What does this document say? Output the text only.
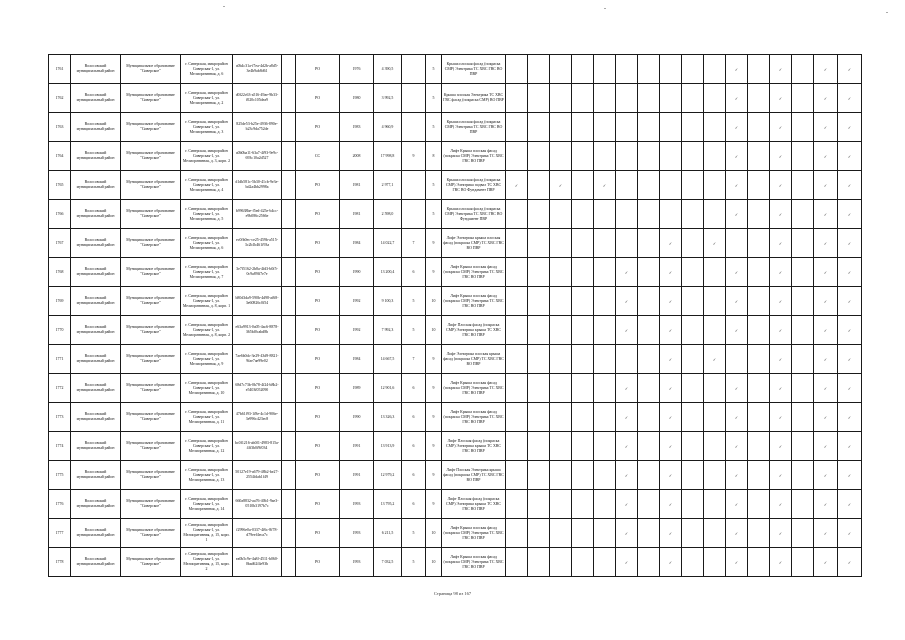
1761	Волосовский муниципальный район	Муниципальное образование "Сиверское"	г. Сиверская, микрорайон Сиверская-1, ул. Мелиоративная, д. 6	a0b4c31a-f7ea-4d2b-a8d5-3e4b9ab8d61		РО	1976	4 390,5		5	Крыша плоская фасад (покраска СМР) Электрика ТС ХВС ГВС ВО ПВР											✓		✓		✓	✓	
1762	Волосовский муниципальный район	Муниципальное образование "Сиверское"	г. Сиверская, микрорайон Сиверская-1, ул. Мелиоративная, д. 2	d0f22c63-a516-49ae-9b33-f020c105dea9		РО	1980	3 992,5		5	Крыша плоская Электрика ТС ХВС ГВС фасад (покраска СМР) ВО ПВР											✓		✓		✓	✓	
1763	Волосовский муниципальный район	Муниципальное образование "Сиверское"	г. Сиверская, микрорайон Сиверская-1, ул. Мелиоративная, д. 3	825de53-b25e-4936-890e-b23c9da752de		РО	1983	4 960,9		5	Крыша плоская фасад (покраска СМР) Электрика ТС ХВС ГВС ВО ПВР											✓		✓		✓	✓	
1764	Волосовский муниципальный район	Муниципальное образование "Сиверское"	г. Сиверская, микрорайон Сиверская-1, ул. Мелиоративная, д. 3, корп. 2	a0b0ba11-63a7-4f93-9e9c-693c10a2d527		СС	2008	17 998,8	9	8	Лифт Крыша плоская фасад (покраска СМР) Электрика ТС ХВС ГВС ВО ПВР											✓		✓		✓	✓	
1765	Волосовский муниципальный район	Муниципальное образование "Сиверское"	г. Сиверская, микрорайон Сиверская-1, ул. Мелиоративная, д. 4	d1db581c-5b30-41cb-9e3e-bd2a4bb2998a		РО	1981	2 977,1		5	Крыша плоская фасад (покраска СМР) Электрика подвал ТС ХВС ГВС ВО Фундамент ПВР	✓		✓		✓						✓		✓		✓	✓	
1766	Волосовский муниципальный район	Муниципальное образование "Сиверское"	г. Сиверская, микрорайон Сиверская-1, ул. Мелиоративная, д. 5	b99638be-f5ed-425e-b4cc-e9b086c2566e		РО	1981	2 598,0		5	Крыша плоская фасад (покраска СМР) Электрика ТС ХВС ГВС ВО Фундамент ПВР											✓		✓		✓	✓	
1767	Волосовский муниципальный район	Муниципальное образование "Сиверское"	г. Сиверская, микрорайон Сиверская-1, ул. Мелиоративная, д. 6	ec0fb0ec-ce25-459b-a515-3c2b1b461f93a		РО	1984	14 022,7	7	9	Лифт Электрика крыша плоская фасад (покраска СМР) ТС ХВС ГВС ВО ПВР								✓		✓			✓		✓	✓	
1768	Волосовский муниципальный район	Муниципальное образование "Сиверское"	г. Сиверская, микрорайон Сиверская-1, ул. Мелиоративная, д. 7	3e7f5162-2b8a-4fd3-b0f5-0c9a89ff7e7e		РО	1990	13 200,4	6	9	Лифт Крыша плоская фасад (покраска СМР) Электрика ТС ХВС ГВС ВО ПВР						✓		✓			✓		✓		✓	✓	
1769	Волосовский муниципальный район	Муниципальное образование "Сиверское"	г. Сиверская, микрорайон Сиверская-1, ул. Мелиоративная, д. 8, корп. 1	b80d3da9-590b-4d98-af68-3e60826c0f54		РО	1992	9 100,3	5	10	Лифт Крыша плоская фасад (покраска СМР) Электрика ТС ХВС ГВС ВО ПВР						✓		✓			✓		✓		✓	✓	
1770	Волосовский муниципальный район	Муниципальное образование "Сиверское"	г. Сиверская, микрорайон Сиверская-1, ул. Мелиоративная, д. 8, корп. 2	e63a9913-0a05-4ac6-8878-365bf0cabd8b		РО	1992	7 992,3	5	10	Лифт Плоская фасад (покраска СМР) Электрика крыша ТС ХВС ГВС ВО ПВР						✓		✓			✓		✓		✓	✓	
1771	Волосовский муниципальный район	Муниципальное образование "Сиверское"	г. Сиверская, микрорайон Сиверская-1, ул. Мелиоративная, д. 9	7ae6b0dc-3e29-43d9-8821-9fae7ae99e02		РО	1984	14 667,5	7	9	Лифт Электрика плоская крыша фасад (покраска СМР) ТС ХВС ГВС ВО ПВР								✓		✓			✓		✓	✓	
1772	Волосовский муниципальный район	Муниципальное образование "Сиверское"	г. Сиверская, микрорайон Сиверская-1, ул. Мелиоративная, д. 10	68d7c73b-0b78-4f24-b8b2-e5403f052090		РО	1989	12 901,6	6	9	Лифт Крыша плоская фасад (покраска СМР) Электрика ТС ХВС ГВС ВО ПВР						✓		✓			✓		✓		✓	✓	
1773	Волосовский муниципальный район	Муниципальное образование "Сиверское"	г. Сиверская, микрорайон Сиверская-1, ул. Мелиоративная, д. 11	47b61f93-1f8e-4c1d-906e-3e996c423ec8		РО	1990	13 326,3	6	9	Лифт Крыша плоская фасад (покраска СМР) Электрика ТС ХВС ГВС ВО ПВР						✓		✓			✓		✓		✓	✓	
1774	Волосовский муниципальный район	Муниципальное образование "Сиверское"	г. Сиверская, микрорайон Сиверская-1, ул. Мелиоративная, д. 12	bc0f1216-ab0f1-4983-815a-4ff3b0f9f034		РО	1991	13 913,9	6	9	Лифт Плоская фасад (покраска СМР) Электрика крыша ТС ХВС ГВС ВО ПВР						✓		✓			✓		✓		✓	✓	
1775	Волосовский муниципальный район	Муниципальное образование "Сиверское"	г. Сиверская, микрорайон Сиверская-1, ул. Мелиоративная, д. 13	50127e19-a679-48b2-be27-2554fdab1f49		РО	1991	12 979,2	6	9	Лифт Плоская Электрика крыша фасад (покраска СМР) ТС ХВС ГВС ВО ПВР						✓		✓			✓		✓		✓	✓	
1776	Волосовский муниципальный район	Муниципальное образование "Сиверское"	г. Сиверская, микрорайон Сиверская-1, ул. Мелиоративная, д. 14	660a8832-aa76-40b1-9ae3-0510b3197b7c		РО	1993	13 795,2	6	9	Лифт Плоская фасад (покраска СМР) Электрика крыша ТС ХВС ГВС ВО ПВР						✓		✓			✓		✓		✓	✓	
1777	Волосовский муниципальный район	Муниципальное образование "Сиверское"	г. Сиверская, микрорайон Сиверская-1, ул. Мелиоративная, д. 15, корп. 1	f2996e0a-0337-4f6c-8f78-d79eef4eca7c		РО	1993	6 211,5	5	10	Лифт Крыша плоская фасад (покраска СМР) Электрика ТС ХВС ГВС ВО ПВР						✓		✓			✓		✓		✓	✓	
1778	Волосовский муниципальный район	Муниципальное образование "Сиверское"	г. Сиверская, микрорайон Сиверская-1, ул. Мелиоративная, д. 15, корп. 2	ea0b5c9e-4a8f-4511-b060-0bad62f4e93b		РО	1993	7 032,5	5	10	Лифт Крыша плоская фасад (покраска СМР) Электрика ТС ХВС ГВС ВО ПВР						✓		✓			✓		✓		✓	✓	
Страница 98 из 167
